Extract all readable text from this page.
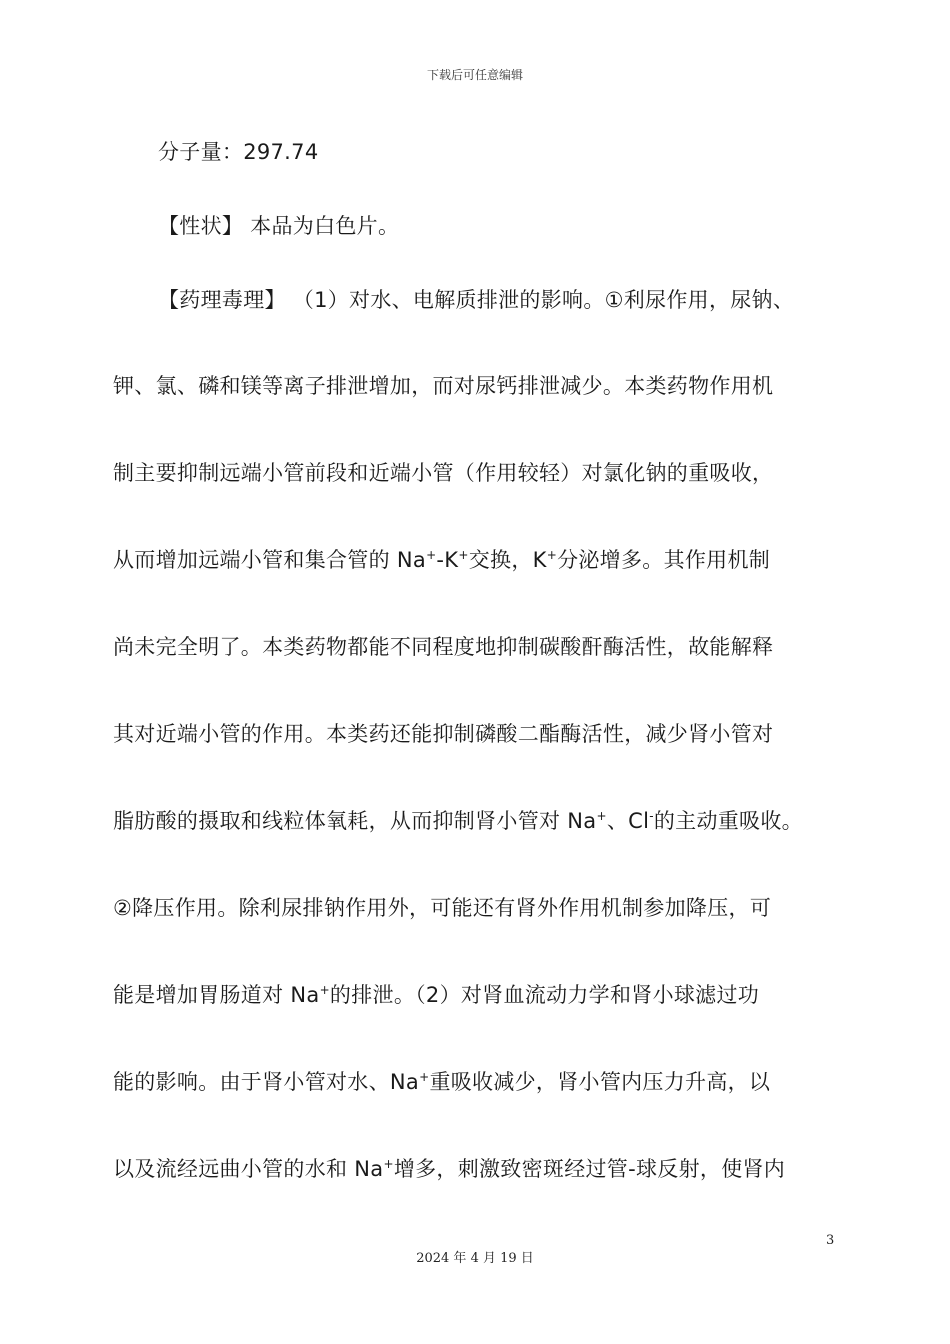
下载后可任意编辑
分子量：297.74
【性状】 本品为白色片。
【药理毒理】 （1）对水、电解质排泄的影响。①利尿作用，尿钠、
钾、氯、磷和镁等离子排泄增加，而对尿钙排泄减少。本类药物作用机
制主要抑制远端小管前段和近端小管（作用较轻）对氯化钠的重吸收，
从而增加远端小管和集合管的 Na+-K+交换，K+分泌增多。其作用机制
尚未完全明了。本类药物都能不同程度地抑制碳酸酐酶活性，故能解释
其对近端小管的作用。本类药还能抑制磷酸二酯酶活性，减少肾小管对
脂肪酸的摄取和线粒体氧耗，从而抑制肾小管对 Na+、Cl-的主动重吸收。
②降压作用。除利尿排钠作用外，可能还有肾外作用机制参加降压，可
能是增加胃肠道对 Na+的排泄。（2）对肾血流动力学和肾小球滤过功
能的影响。由于肾小管对水、Na+重吸收减少，肾小管内压力升高，以
以及流经远曲小管的水和 Na+增多，刺激致密斑经过管-球反射，使肾内
3
2024 年 4 月 19 日
